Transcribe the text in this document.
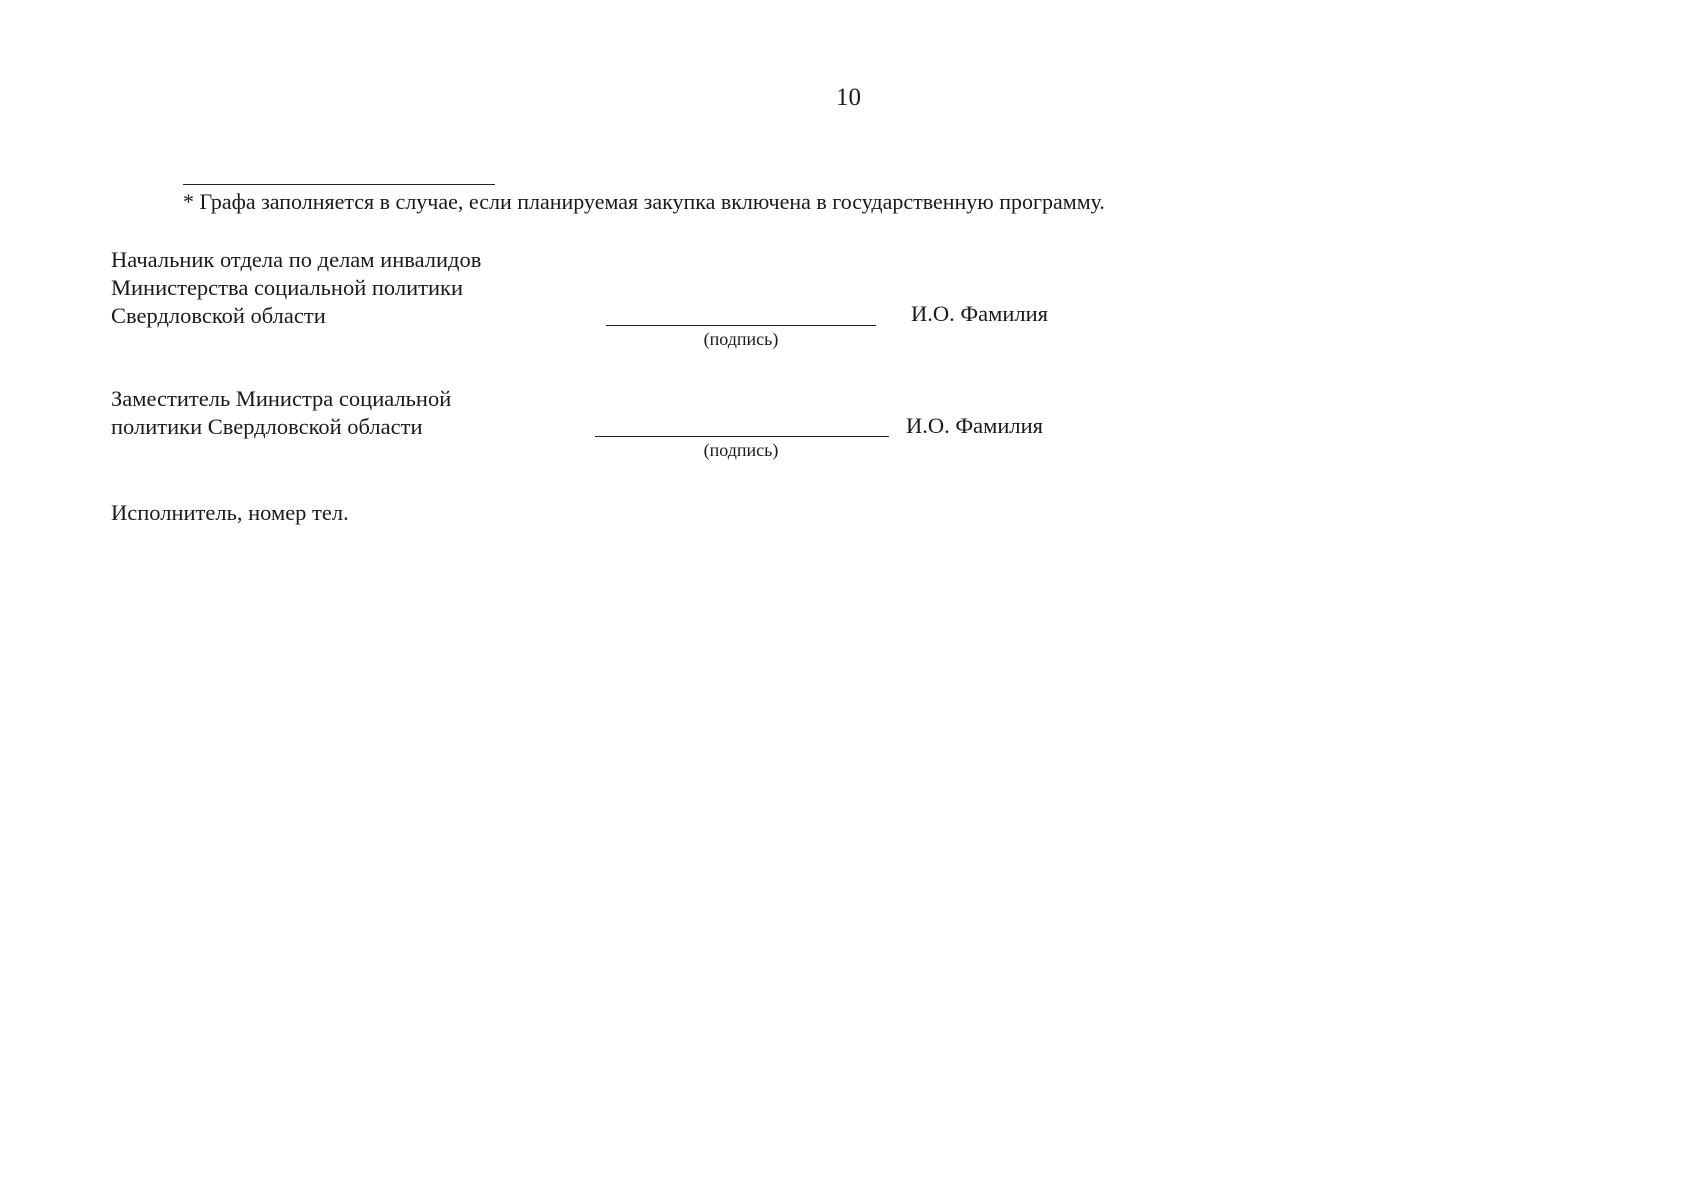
10
* Графа заполняется в случае, если планируемая закупка включена в государственную программу.
Начальник отдела по делам инвалидов
Министерства социальной политики
Свердловской области
(подпись)
И.О. Фамилия
Заместитель Министра социальной
политики Свердловской области
(подпись)
И.О. Фамилия
Исполнитель, номер тел.
